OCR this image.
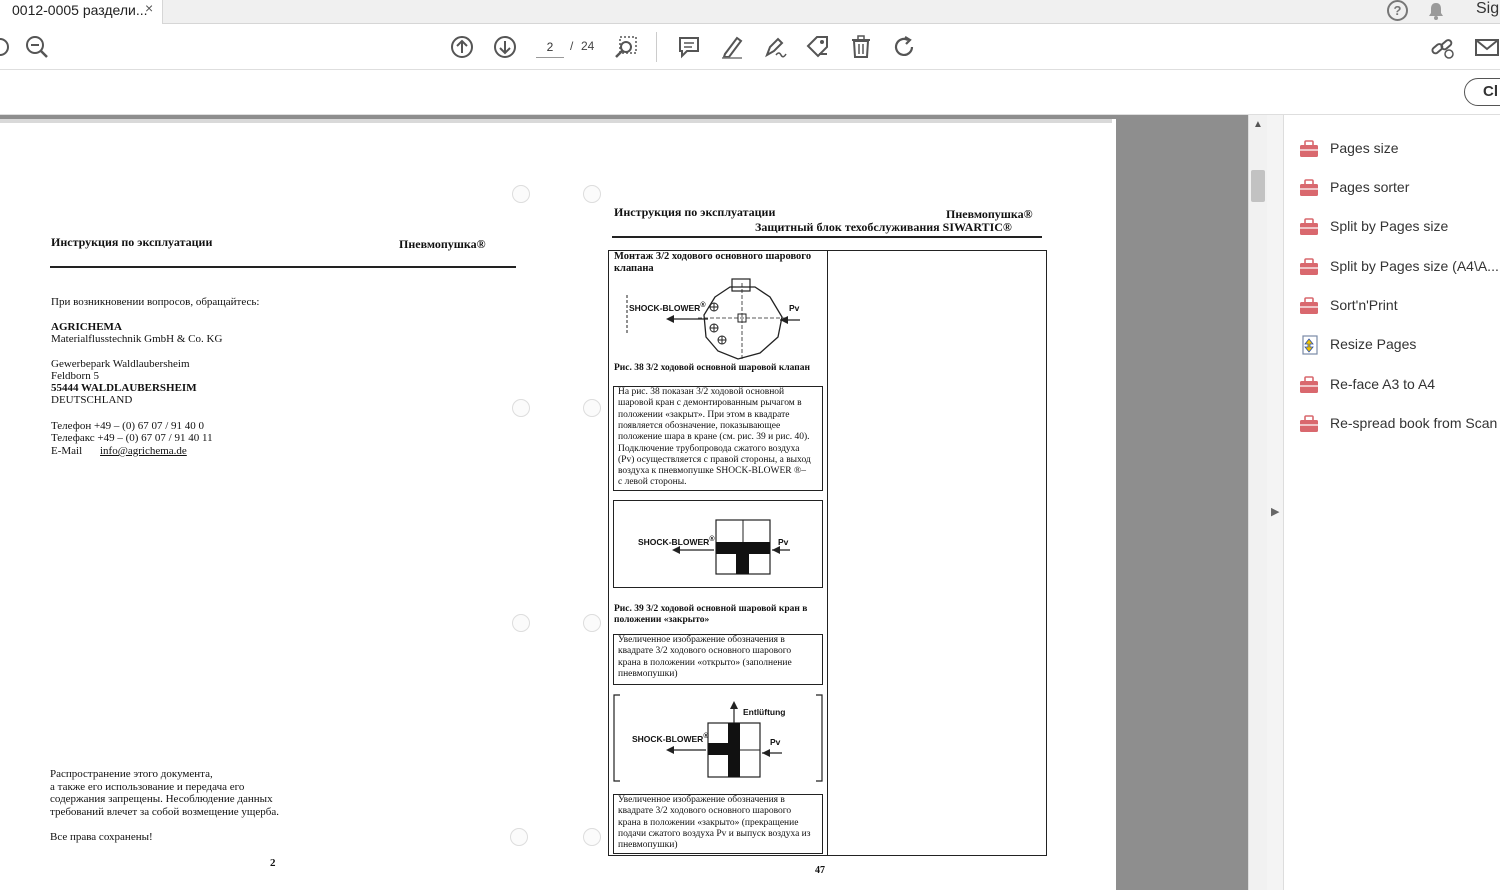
0012-0005 раздели...
×	?	Sig
2
/ 24
Cl
Инструкция по эксплуатации	Пневмопушка®
При возникновении вопросов, обращайтесь:
AGRICHEMA
Materialflusstechnik GmbH & Co. KG
Gewerbepark Waldlaubersheim
Feldborn 5
55444 WALDLAUBERSHEIM
DEUTSCHLAND
Телефон +49 – (0) 67 07 / 91 40 0
Телефакс +49 – (0) 67 07 / 91 40 11
E-Mail info@agrichema.de
Распространение этого документа,
а также его использование и передача его
содержания запрещены. Несоблюдение данных
требований влечет за собой возмещение ущерба.
Все права сохранены!
2
Инструкция по эксплуатации	Пневмопушка®
Защитный блок техобслуживания SIWARTIC®
Монтаж 3/2 ходового основного шарового
клапана
SHOCK-BLOWER®	Pv
Рис. 38 3/2 ходовой основной шаровой клапан
На рис. 38 показан 3/2 ходовой основной
шаровой кран с демонтированным рычагом в
положении «закрыт». При этом в квадрате
появляется обозначение, показывающее
положение шара в кране (см. рис. 39 и рис. 40).
Подключение трубопровода сжатого воздуха
(Pv) осуществляется с правой стороны, а выход
воздуха к пневмопушке SHOCK-BLOWER ®–
с левой стороны.
SHOCK-BLOWER®	Pv
Рис. 39 3/2 ходовой основной шаровой кран в
положении «закрыто»
Увеличенное изображение обозначения в
квадрате 3/2 ходового основного шарового
крана в положении «открыто» (заполнение
пневмопушки)
Entlüftung
SHOCK-BLOWER®
Pv
Увеличенное изображение обозначения в
квадрате 3/2 ходового основного шарового
крана в положении «закрыто» (прекращение
подачи сжатого воздуха Pv и выпуск воздуха из
пневмопушки)
47
▲
▶
Pages size
Pages sorter
Split by Pages size
Split by Pages size (A4\A...
Sort'n'Print
Resize Pages
Re-face A3 to A4
Re-spread book from Scan
